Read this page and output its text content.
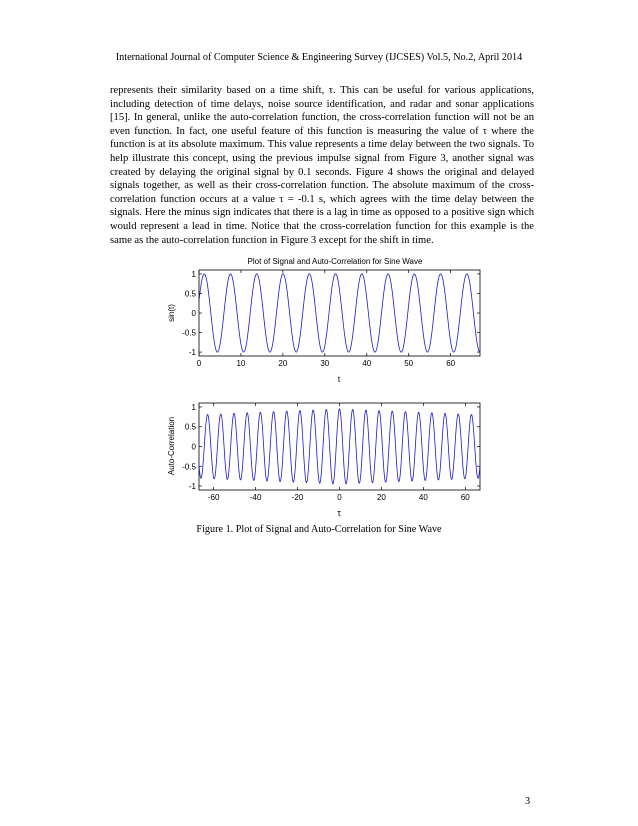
International Journal of Computer Science & Engineering Survey (IJCSES) Vol.5, No.2, April 2014

represents their similarity based on a time shift, τ. This can be useful for various applications, including detection of time delays, noise source identification, and radar and sonar applications [15]. In general, unlike the auto-correlation function, the cross-correlation function will not be an even function. In fact, one useful feature of this function is measuring the value of τ where the function is at its absolute maximum. This value represents a time delay between the two signals. To help illustrate this concept, using the previous impulse signal from Figure 3, another signal was created by delaying the original signal by 0.1 seconds. Figure 4 shows the original and delayed signals together, as well as their cross-correlation function. The absolute maximum of the cross-correlation function occurs at a value τ = -0.1 s, which agrees with the time delay between the signals. Here the minus sign indicates that there is a lag in time as opposed to a positive sign which would represent a lead in time. Notice that the cross-correlation function for this example is the same as the auto-correlation function in Figure 3 except for the shift in time.

Plot of Signal and Auto-Correlation for Sine Wave
0	10	20	30	40	50	60
1
0.5
0
-0.5
-1
t
sin(t)
-60	-40	-20	0	20	40	60
1
0.5
0
-0.5
-1
τ
Auto-Correlation
Figure 1. Plot of Signal and Auto-Correlation for Sine Wave
3
